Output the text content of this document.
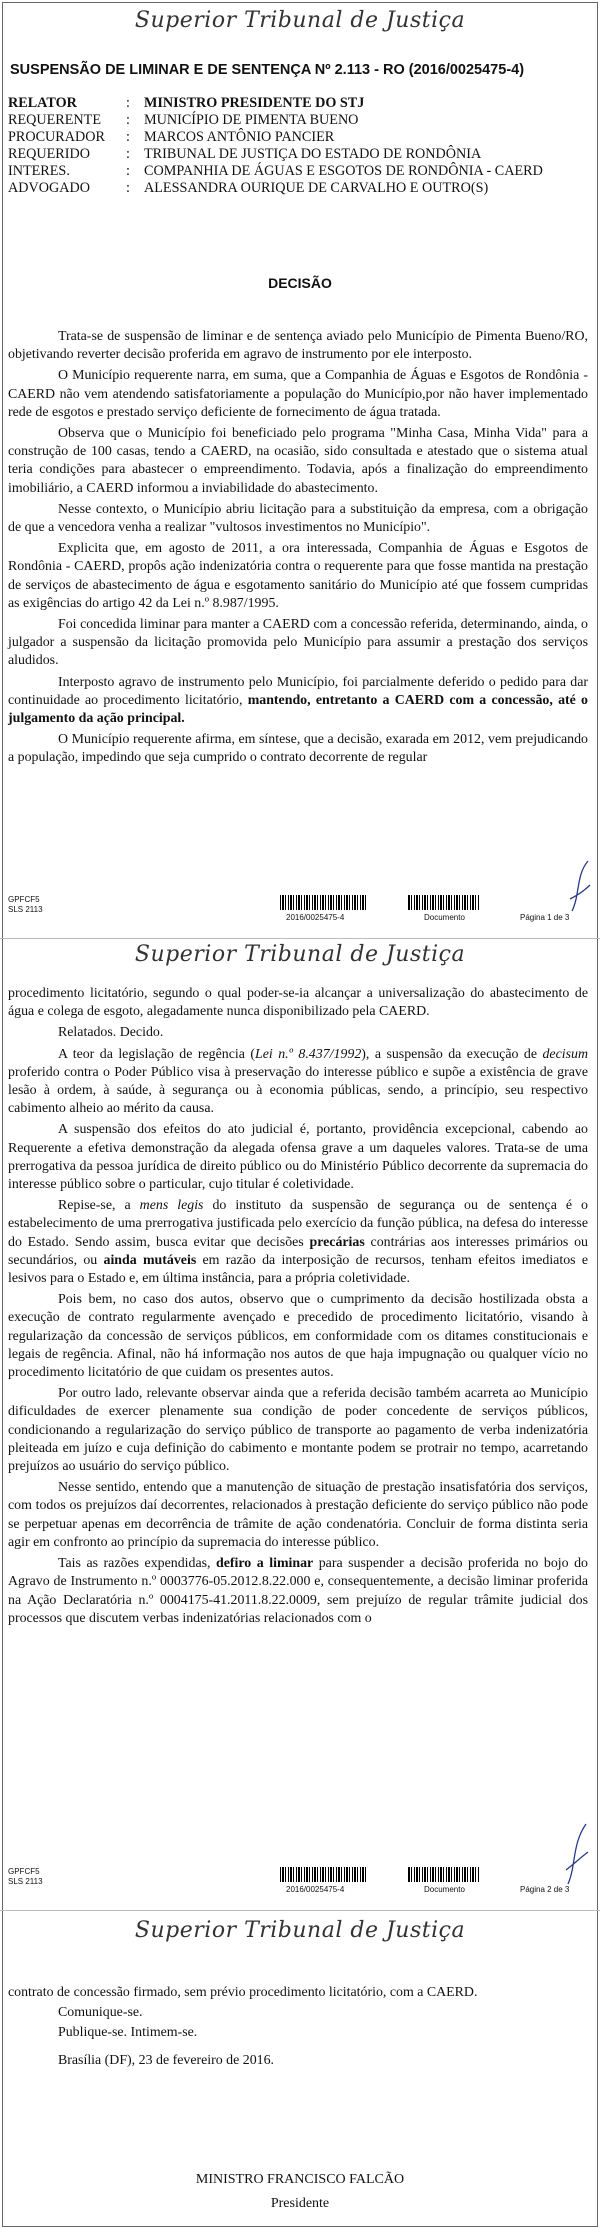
Superior Tribunal de Justiça
SUSPENSÃO DE LIMINAR E DE SENTENÇA Nº 2.113 - RO (2016/0025475-4)
RELATOR	: MINISTRO PRESIDENTE DO STJ
REQUERENTE	: MUNICÍPIO DE PIMENTA BUENO
PROCURADOR	: MARCOS ANTÔNIO PANCIER
REQUERIDO	: TRIBUNAL DE JUSTIÇA DO ESTADO DE RONDÔNIA
INTERES.	: COMPANHIA DE ÁGUAS E ESGOTOS DE RONDÔNIA - CAERD
ADVOGADO	: ALESSANDRA OURIQUE DE CARVALHO E OUTRO(S)
DECISÃO

Trata-se de suspensão de liminar e de sentença aviado pelo Município de Pimenta Bueno/RO, objetivando reverter decisão proferida em agravo de instrumento por ele interposto.

O Município requerente narra, em suma, que a Companhia de Águas e Esgotos de Rondônia - CAERD não vem atendendo satisfatoriamente a população do Município,por não haver implementado rede de esgotos e prestado serviço deficiente de fornecimento de água tratada.

Observa que o Município foi beneficiado pelo programa "Minha Casa, Minha Vida" para a construção de 100 casas, tendo a CAERD, na ocasião, sido consultada e atestado que o sistema atual teria condições para abastecer o empreendimento. Todavia, após a finalização do empreendimento imobiliário, a CAERD informou a inviabilidade do abastecimento.

Nesse contexto, o Município abriu licitação para a substituição da empresa, com a obrigação de que a vencedora venha a realizar "vultosos investimentos no Município".

Explicita que, em agosto de 2011, a ora interessada, Companhia de Águas e Esgotos de Rondônia - CAERD, propôs ação indenizatória contra o requerente para que fosse mantida na prestação de serviços de abastecimento de água e esgotamento sanitário do Município até que fossem cumpridas as exigências do artigo 42 da Lei n.º 8.987/1995.

Foi concedida liminar para manter a CAERD com a concessão referida, determinando, ainda, o julgador a suspensão da licitação promovida pelo Município para assumir a prestação dos serviços aludidos.

Interposto agravo de instrumento pelo Município, foi parcialmente deferido o pedido para dar continuidade ao procedimento licitatório, mantendo, entretanto a CAERD com a concessão, até o julgamento da ação principal.

O Município requerente afirma, em síntese, que a decisão, exarada em 2012, vem prejudicando a população, impedindo que seja cumprido o contrato decorrente de regular

GPFCF5
SLS 2113
2016/0025475-4	Documento	Página 1 de 3
Superior Tribunal de Justiça

procedimento licitatório, segundo o qual poder-se-ia alcançar a universalização do abastecimento de água e colega de esgoto, alegadamente nunca disponibilizado pela CAERD.

Relatados. Decido.

A teor da legislação de regência (Lei n.º 8.437/1992), a suspensão da execução de decisum proferido contra o Poder Público visa à preservação do interesse público e supõe a existência de grave lesão à ordem, à saúde, à segurança ou à economia públicas, sendo, a princípio, seu respectivo cabimento alheio ao mérito da causa.

A suspensão dos efeitos do ato judicial é, portanto, providência excepcional, cabendo ao Requerente a efetiva demonstração da alegada ofensa grave a um daqueles valores. Trata-se de uma prerrogativa da pessoa jurídica de direito público ou do Ministério Público decorrente da supremacia do interesse público sobre o particular, cujo titular é coletividade.

Repise-se, a mens legis do instituto da suspensão de segurança ou de sentença é o estabelecimento de uma prerrogativa justificada pelo exercício da função pública, na defesa do interesse do Estado. Sendo assim, busca evitar que decisões precárias contrárias aos interesses primários ou secundários, ou ainda mutáveis em razão da interposição de recursos, tenham efeitos imediatos e lesivos para o Estado e, em última instância, para a própria coletividade.

Pois bem, no caso dos autos, observo que o cumprimento da decisão hostilizada obsta a execução de contrato regularmente avençado e precedido de procedimento licitatório, visando à regularização da concessão de serviços públicos, em conformidade com os ditames constitucionais e legais de regência. Afinal, não há informação nos autos de que haja impugnação ou qualquer vício no procedimento licitatório de que cuidam os presentes autos.

Por outro lado, relevante observar ainda que a referida decisão também acarreta ao Município dificuldades de exercer plenamente sua condição de poder concedente de serviços públicos, condicionando a regularização do serviço público de transporte ao pagamento de verba indenizatória pleiteada em juízo e cuja definição do cabimento e montante podem se protrair no tempo, acarretando prejuízos ao usuário do serviço público.

Nesse sentido, entendo que a manutenção de situação de prestação insatisfatória dos serviços, com todos os prejuízos daí decorrentes, relacionados à prestação deficiente do serviço público não pode se perpetuar apenas em decorrência de trâmite de ação condenatória. Concluir de forma distinta seria agir em confronto ao princípio da supremacia do interesse público.

Tais as razões expendidas, defiro a liminar para suspender a decisão proferida no bojo do Agravo de Instrumento n.º 0003776-05.2012.8.22.000 e, consequentemente, a decisão liminar proferida na Ação Declaratória n.º 0004175-41.2011.8.22.0009, sem prejuízo de regular trâmite judicial dos processos que discutem verbas indenizatórias relacionados com o

GPFCF5
SLS 2113
2016/0025475-4	Documento	Página 2 de 3
Superior Tribunal de Justiça
contrato de concessão firmado, sem prévio procedimento licitatório, com a CAERD.
Comunique-se.
Publique-se. Intimem-se.
Brasília (DF), 23 de fevereiro de 2016.
MINISTRO FRANCISCO FALCÃO
Presidente
